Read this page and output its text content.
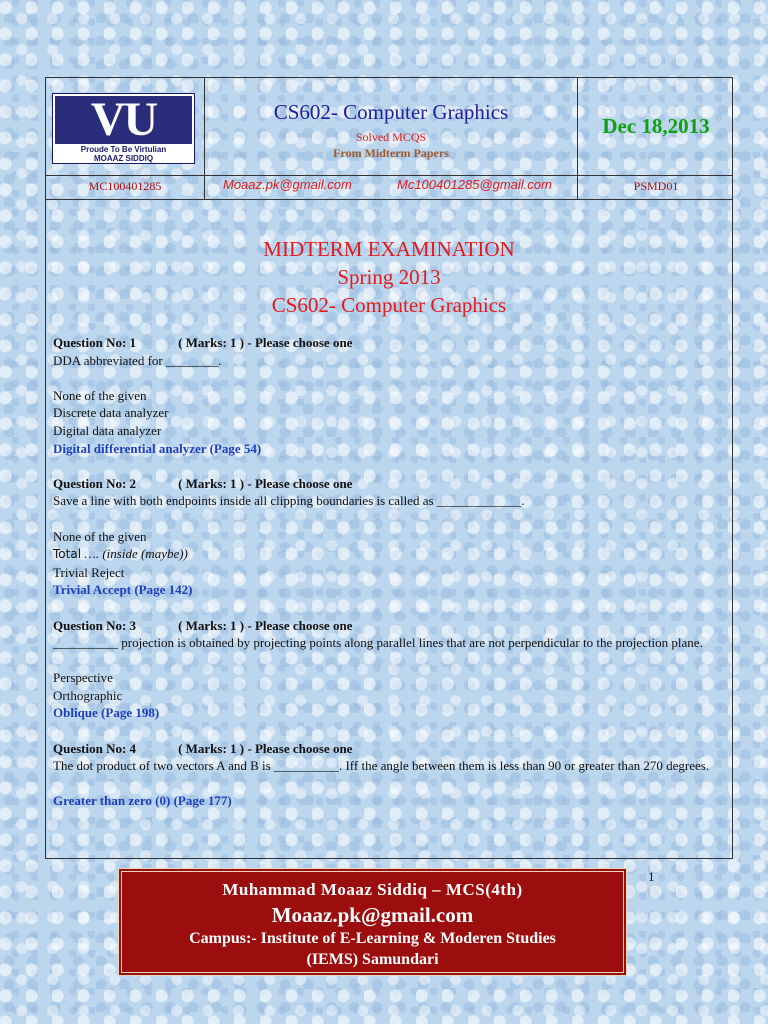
VU
Proude To Be Virtulian
MOAAZ SIDDIQ
CS602- Computer Graphics
Solved MCQS
From Midterm Papers
Dec 18,2013
MC100401285	Moaaz.pk@gmail.com	Mc100401285@gmail.com	PSMD01
MIDTERM EXAMINATION
Spring 2013
CS602- Computer Graphics
Question No: 1	( Marks: 1 ) - Please choose one
DDA abbreviated for ________.
None of the given
Discrete data analyzer
Digital data analyzer
Digital differential analyzer (Page 54)
Question No: 2	( Marks: 1 ) - Please choose one
Save a line with both endpoints inside all clipping boundaries is called as _____________.
None of the given
Total …. (inside (maybe))
Trivial Reject
Trivial Accept (Page 142)
Question No: 3	( Marks: 1 ) - Please choose one
__________ projection is obtained by projecting points along parallel lines that are not perpendicular to the projection plane.
Perspective
Orthographic
Oblique (Page 198)
Question No: 4	( Marks: 1 ) - Please choose one
The dot product of two vectors A and B is __________. Iff the angle between them is less than 90 or greater than 270 degrees.
Greater than zero (0) (Page 177)
1
Muhammad Moaaz Siddiq – MCS(4th)
Moaaz.pk@gmail.com
Campus:- Institute of E-Learning & Moderen Studies
(IEMS) Samundari
